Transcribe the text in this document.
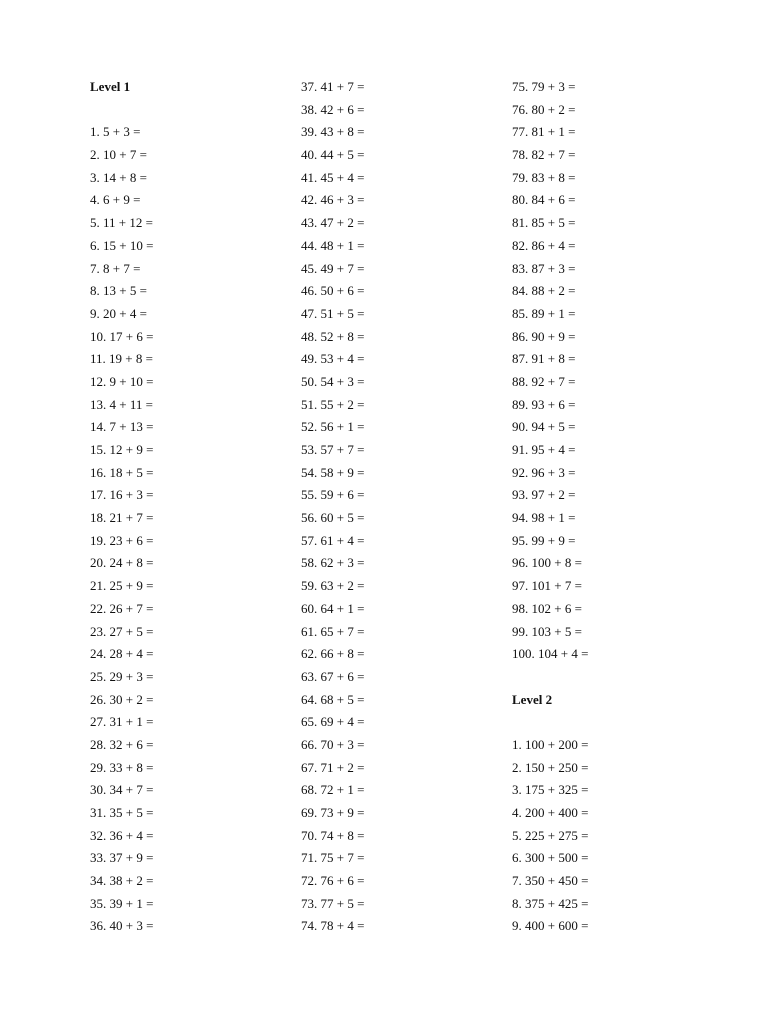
Level 1
1. 5 + 3 =
2. 10 + 7 =
3. 14 + 8 =
4. 6 + 9 =
5. 11 + 12 =
6. 15 + 10 =
7. 8 + 7 =
8. 13 + 5 =
9. 20 + 4 =
10. 17 + 6 =
11. 19 + 8 =
12. 9 + 10 =
13. 4 + 11 =
14. 7 + 13 =
15. 12 + 9 =
16. 18 + 5 =
17. 16 + 3 =
18. 21 + 7 =
19. 23 + 6 =
20. 24 + 8 =
21. 25 + 9 =
22. 26 + 7 =
23. 27 + 5 =
24. 28 + 4 =
25. 29 + 3 =
26. 30 + 2 =
27. 31 + 1 =
28. 32 + 6 =
29. 33 + 8 =
30. 34 + 7 =
31. 35 + 5 =
32. 36 + 4 =
33. 37 + 9 =
34. 38 + 2 =
35. 39 + 1 =
36. 40 + 3 =
37. 41 + 7 =
38. 42 + 6 =
39. 43 + 8 =
40. 44 + 5 =
41. 45 + 4 =
42. 46 + 3 =
43. 47 + 2 =
44. 48 + 1 =
45. 49 + 7 =
46. 50 + 6 =
47. 51 + 5 =
48. 52 + 8 =
49. 53 + 4 =
50. 54 + 3 =
51. 55 + 2 =
52. 56 + 1 =
53. 57 + 7 =
54. 58 + 9 =
55. 59 + 6 =
56. 60 + 5 =
57. 61 + 4 =
58. 62 + 3 =
59. 63 + 2 =
60. 64 + 1 =
61. 65 + 7 =
62. 66 + 8 =
63. 67 + 6 =
64. 68 + 5 =
65. 69 + 4 =
66. 70 + 3 =
67. 71 + 2 =
68. 72 + 1 =
69. 73 + 9 =
70. 74 + 8 =
71. 75 + 7 =
72. 76 + 6 =
73. 77 + 5 =
74. 78 + 4 =
75. 79 + 3 =
76. 80 + 2 =
77. 81 + 1 =
78. 82 + 7 =
79. 83 + 8 =
80. 84 + 6 =
81. 85 + 5 =
82. 86 + 4 =
83. 87 + 3 =
84. 88 + 2 =
85. 89 + 1 =
86. 90 + 9 =
87. 91 + 8 =
88. 92 + 7 =
89. 93 + 6 =
90. 94 + 5 =
91. 95 + 4 =
92. 96 + 3 =
93. 97 + 2 =
94. 98 + 1 =
95. 99 + 9 =
96. 100 + 8 =
97. 101 + 7 =
98. 102 + 6 =
99. 103 + 5 =
100. 104 + 4 =
Level 2
1. 100 + 200 =
2. 150 + 250 =
3. 175 + 325 =
4. 200 + 400 =
5. 225 + 275 =
6. 300 + 500 =
7. 350 + 450 =
8. 375 + 425 =
9. 400 + 600 =
